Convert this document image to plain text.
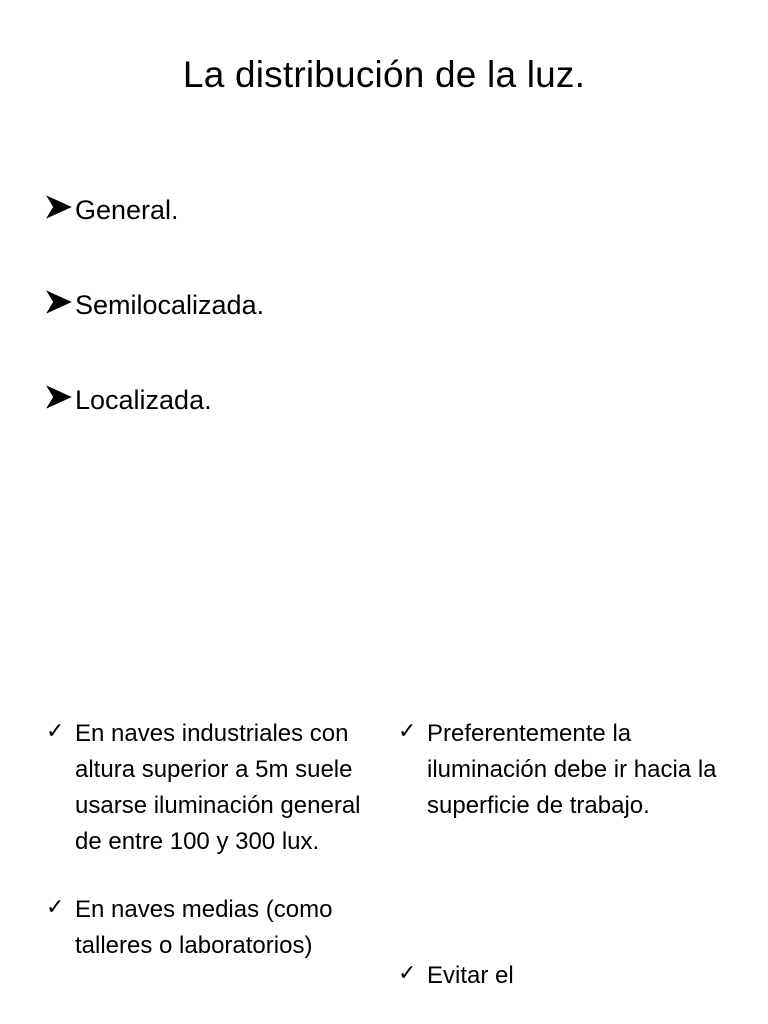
La distribución de la luz.
General.
Semilocalizada.
Localizada.
✓ En naves industriales con altura superior a 5m suele usarse iluminación general de entre 100 y 300 lux.
✓ En naves medias (como talleres o laboratorios)
✓ Preferentemente la iluminación debe ir hacia la superficie de trabajo.
✓ Evitar el
